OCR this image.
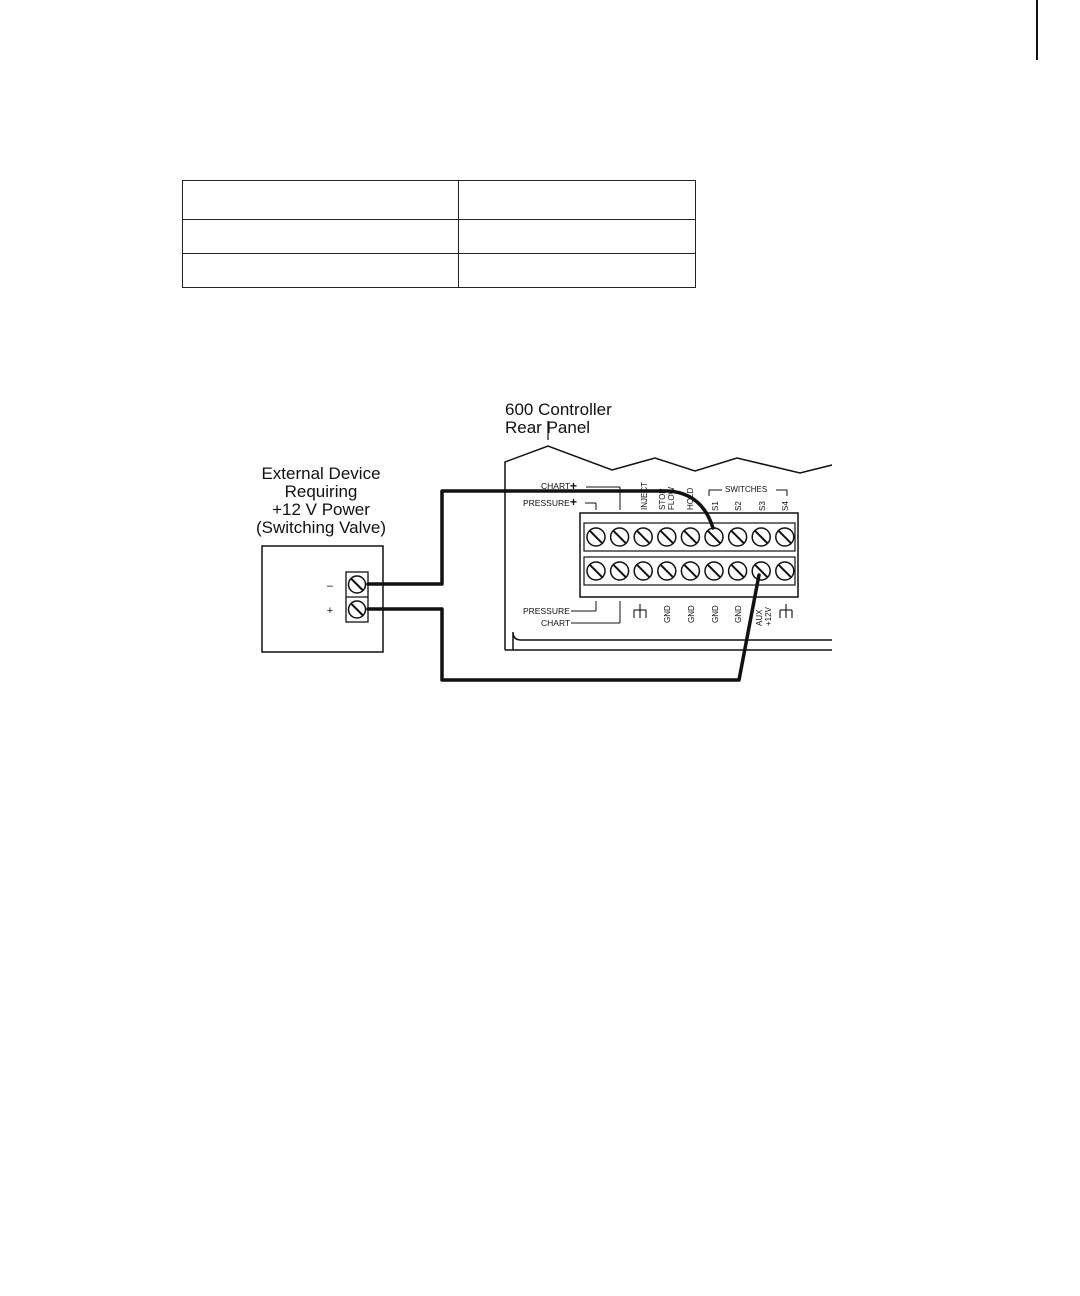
600 Controller
Rear Panel
External Device
Requiring
+12 V Power
(Switching Valve)
–
+
CHART +
PRESSURE +	INJECT STOP FLOW HOLD	SWITCHES
S1 S2 S3 S4
PRESSURE
CHART	GND GND GND GND AUX +12V
